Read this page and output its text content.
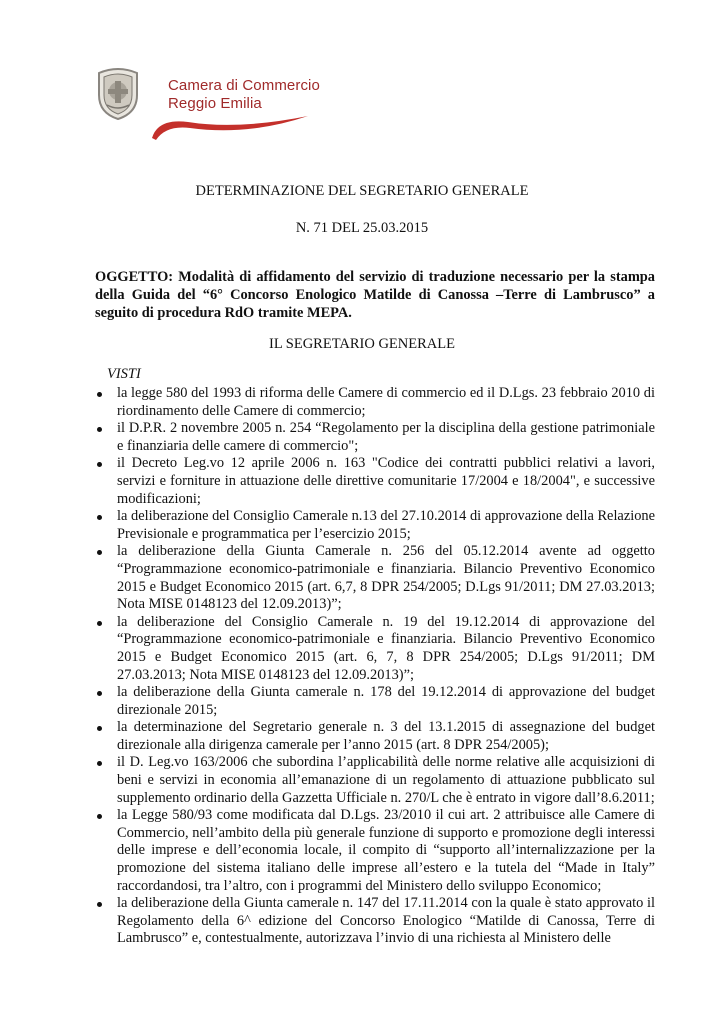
Camera di Commercio
Reggio Emilia
DETERMINAZIONE DEL SEGRETARIO GENERALE
N. 71 DEL 25.03.2015
OGGETTO: Modalità di affidamento del servizio di traduzione necessario per la stampa
della Guida del “6° Concorso Enologico Matilde di Canossa –Terre di Lambrusco” a
seguito di procedura RdO tramite MEPA.
IL SEGRETARIO GENERALE
VISTI
la legge 580 del 1993 di riforma delle Camere di commercio ed il D.Lgs. 23 febbraio 2010 di riordinamento delle Camere di commercio;
il D.P.R. 2 novembre 2005 n. 254 “Regolamento per la disciplina della gestione patrimoniale e finanziaria delle camere di commercio";
il Decreto Leg.vo 12 aprile 2006 n. 163 "Codice dei contratti pubblici relativi a lavori, servizi e forniture in attuazione delle direttive comunitarie 17/2004 e 18/2004", e successive modificazioni;
la deliberazione del Consiglio Camerale n.13 del 27.10.2014 di approvazione della Relazione Previsionale e programmatica per l’esercizio 2015;
la deliberazione della Giunta Camerale n. 256 del 05.12.2014 avente ad oggetto “Programmazione economico-patrimoniale e finanziaria. Bilancio Preventivo Economico 2015 e Budget Economico 2015 (art. 6,7, 8 DPR 254/2005; D.Lgs 91/2011; DM 27.03.2013; Nota MISE 0148123 del 12.09.2013)”;
la deliberazione del Consiglio Camerale n. 19 del 19.12.2014 di approvazione del “Programmazione economico-patrimoniale e finanziaria. Bilancio Preventivo Economico 2015 e Budget Economico 2015 (art. 6, 7, 8 DPR 254/2005; D.Lgs 91/2011; DM 27.03.2013; Nota MISE 0148123 del 12.09.2013)”;
la deliberazione della Giunta camerale n. 178 del 19.12.2014 di approvazione del budget direzionale 2015;
la determinazione del Segretario generale n. 3 del 13.1.2015 di assegnazione del budget direzionale alla dirigenza camerale per l’anno 2015 (art. 8 DPR 254/2005);
il D. Leg.vo 163/2006 che subordina l’applicabilità delle norme relative alle acquisizioni di beni e servizi in economia all’emanazione di un regolamento di attuazione pubblicato sul supplemento ordinario della Gazzetta Ufficiale n. 270/L che è entrato in vigore dall’8.6.2011;
la Legge 580/93 come modificata dal D.Lgs. 23/2010 il cui art. 2 attribuisce alle Camere di Commercio, nell’ambito della più generale funzione di supporto e promozione degli interessi delle imprese e dell’economia locale, il compito di “supporto all’internalizzazione per la promozione del sistema italiano delle imprese all’estero e la tutela del “Made in Italy” raccordandosi, tra l’altro, con i programmi del Ministero dello sviluppo Economico;
la deliberazione della Giunta camerale n. 147 del 17.11.2014 con la quale è stato approvato il Regolamento della 6^ edizione del Concorso Enologico “Matilde di Canossa, Terre di Lambrusco” e, contestualmente, autorizzava l’invio di una richiesta al Ministero delle
